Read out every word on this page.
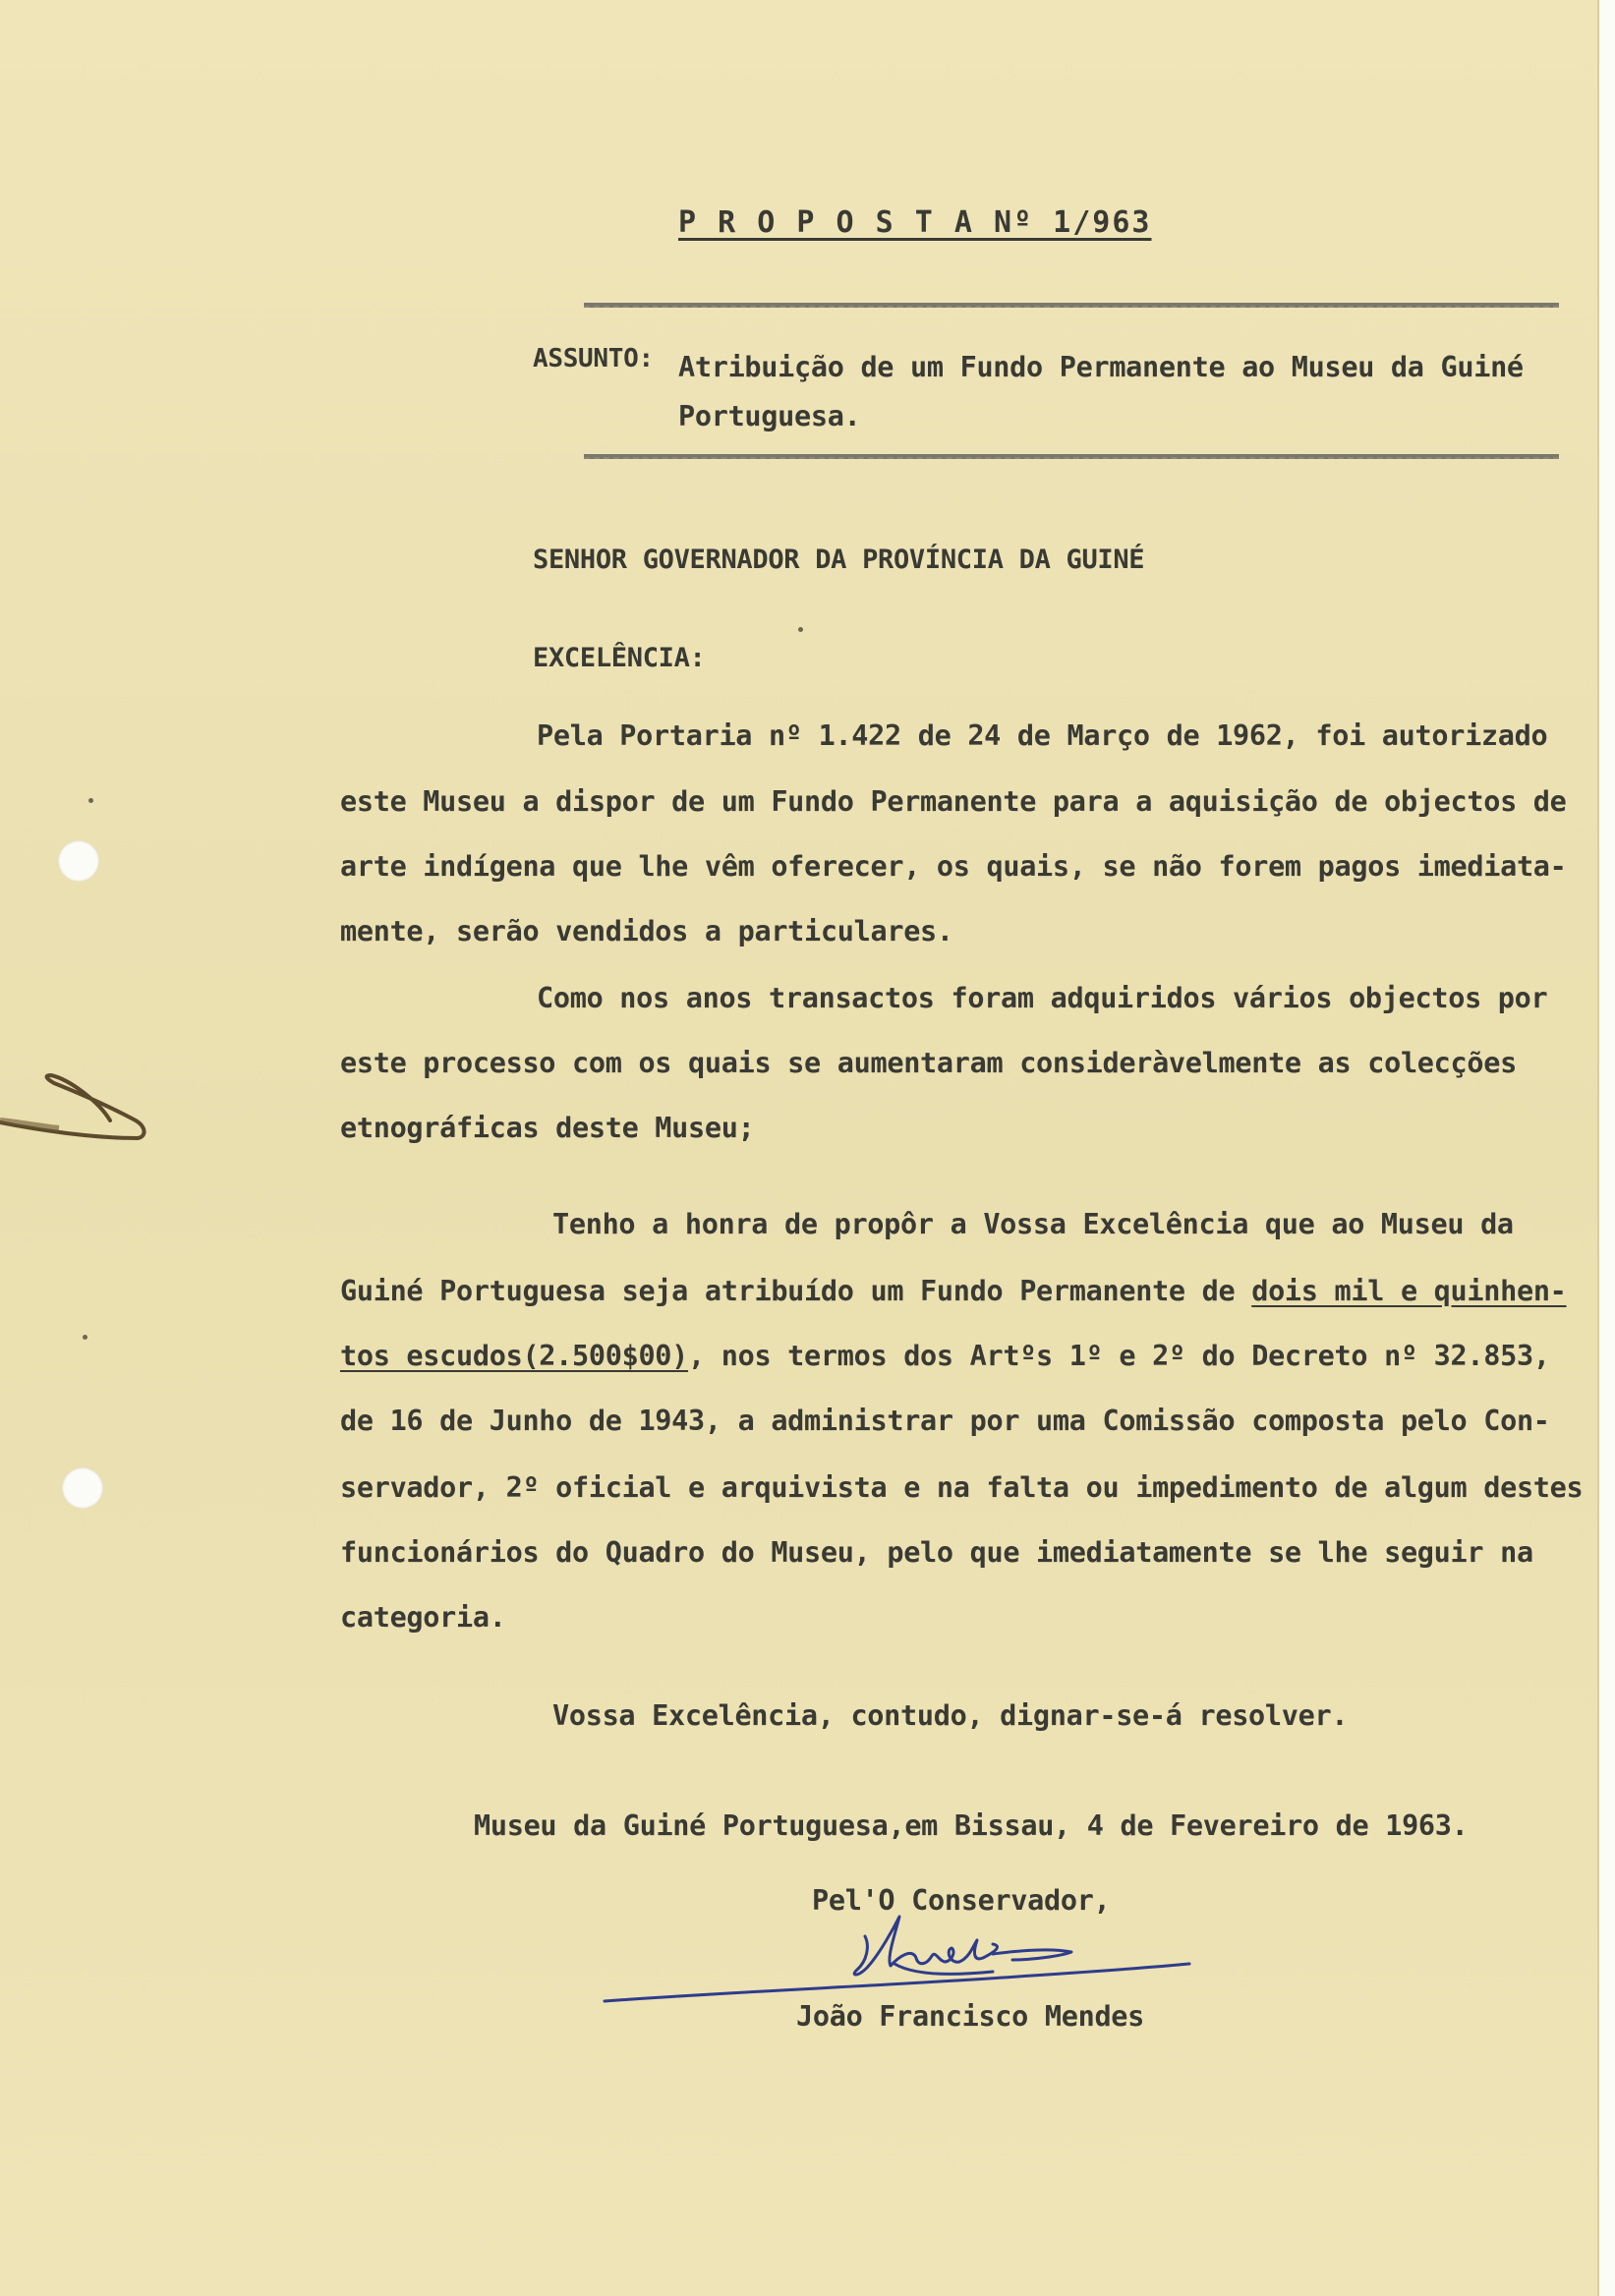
P R O P O S T A Nº 1/963
ASSUNTO: Atribuição de um Fundo Permanente ao Museu da Guiné
Portuguesa.
SENHOR GOVERNADOR DA PROVÍNCIA DA GUINÉ
EXCELÊNCIA:
Pela Portaria nº 1.422 de 24 de Março de 1962, foi autorizado
este Museu a dispor de um Fundo Permanente para a aquisição de objectos de
arte indígena que lhe vêm oferecer, os quais, se não forem pagos imediata-
mente, serão vendidos a particulares.
Como nos anos transactos foram adquiridos vários objectos por
este processo com os quais se aumentaram consideràvelmente as colecções
etnográficas deste Museu;
Tenho a honra de propôr a Vossa Excelência que ao Museu da
Guiné Portuguesa seja atribuído um Fundo Permanente de dois mil e quinhen-
tos escudos(2.500$00), nos termos dos Artºs 1º e 2º do Decreto nº 32.853,
de 16 de Junho de 1943, a administrar por uma Comissão composta pelo Con-
servador, 2º oficial e arquivista e na falta ou impedimento de algum destes
funcionários do Quadro do Museu, pelo que imediatamente se lhe seguir na
categoria.
Vossa Excelência, contudo, dignar-se-á resolver.
Museu da Guiné Portuguesa,em Bissau, 4 de Fevereiro de 1963.
Pel'O Conservador,
João Francisco Mendes
